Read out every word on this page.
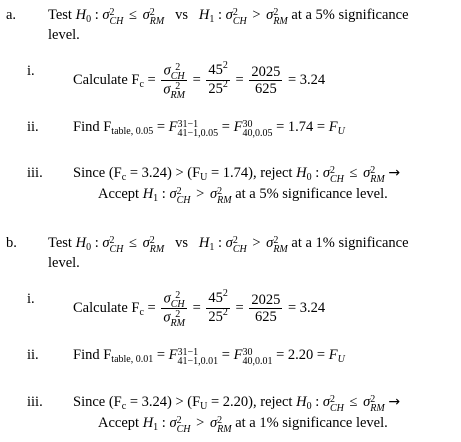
a. Test $H_0$ : σ 2
CH ≤ σ 2
RM vs $H_1$ : σ 2
CH > σ 2
RM at a 5% significance
level.
i.
Calculate $F_c = \sigma$ 2
CH
σ 2
RM = $\frac{45^2}{25^2} = \frac{2025}{625} = 3.24$
ii. Find $F_{table, 0.05} = F$ 31−1
41−1,0.05 = F 30
$40,0.05 = 1.74 = F_U$
iii. Since $(F_c = 3.24) > (F_U = 1.74)$, reject $H_0$ : σ 2
CH ≤ σ 2
RM →
Accept $H_1$ : σ 2
CH > σ 2
RM at a 5% significance level.
b. Test $H_0$ : σ 2
CH ≤ σ 2
RM vs $H_1$ : σ 2
CH > σ 2
RM at a 1% significance
level.
i.
Calculate $F_c = \sigma$ 2
CH
σ 2
RM = $\frac{45^2}{25^2} = \frac{2025}{625} = 3.24$
ii. Find $F_{table, 0.01} = F$ 31−1
41−1,0.01 = F 30
$40,0.01 = 2.20 = F_U$
iii. Since $(F_c = 3.24) > (F_U = 2.20)$, reject $H_0$ : σ 2
CH ≤ σ 2
RM →
Accept $H_1$ : σ 2
CH > σ 2
RM at a 1% significance level.
